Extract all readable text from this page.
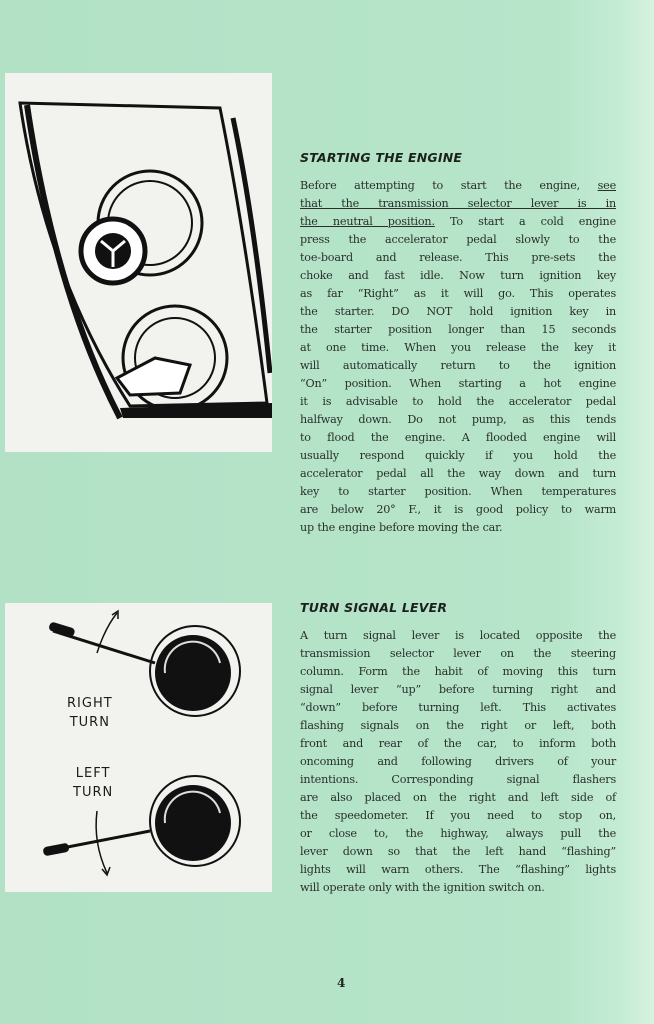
RIGHT
TURN
LEFT
TURN
STARTING THE ENGINE
Before attempting to start the engine, see
that the transmission selector lever is in
the neutral position. To start a cold engine
press the accelerator pedal slowly to the
toe-board and release. This pre-sets the
choke and fast idle. Now turn ignition key
as far “Right” as it will go. This operates
the starter. DO NOT hold ignition key in
the starter position longer than 15 seconds
at one time. When you release the key it
will automatically return to the ignition
“On” position. When starting a hot engine
it is advisable to hold the accelerator pedal
halfway down. Do not pump, as this tends
to flood the engine. A flooded engine will
usually respond quickly if you hold the
accelerator pedal all the way down and turn
key to starter position. When temperatures
are below 20° F., it is good policy to warm
up the engine before moving the car.
TURN SIGNAL LEVER
A turn signal lever is located opposite the
transmission selector lever on the steering
column. Form the habit of moving this turn
signal lever “up” before turning right and
“down” before turning left. This activates
flashing signals on the right or left, both
front and rear of the car, to inform both
oncoming and following drivers of your
intentions. Corresponding signal flashers
are also placed on the right and left side of
the speedometer. If you need to stop on,
or close to, the highway, always pull the
lever down so that the left hand “flashing”
lights will warn others. The “flashing” lights
will operate only with the ignition switch on.
4
